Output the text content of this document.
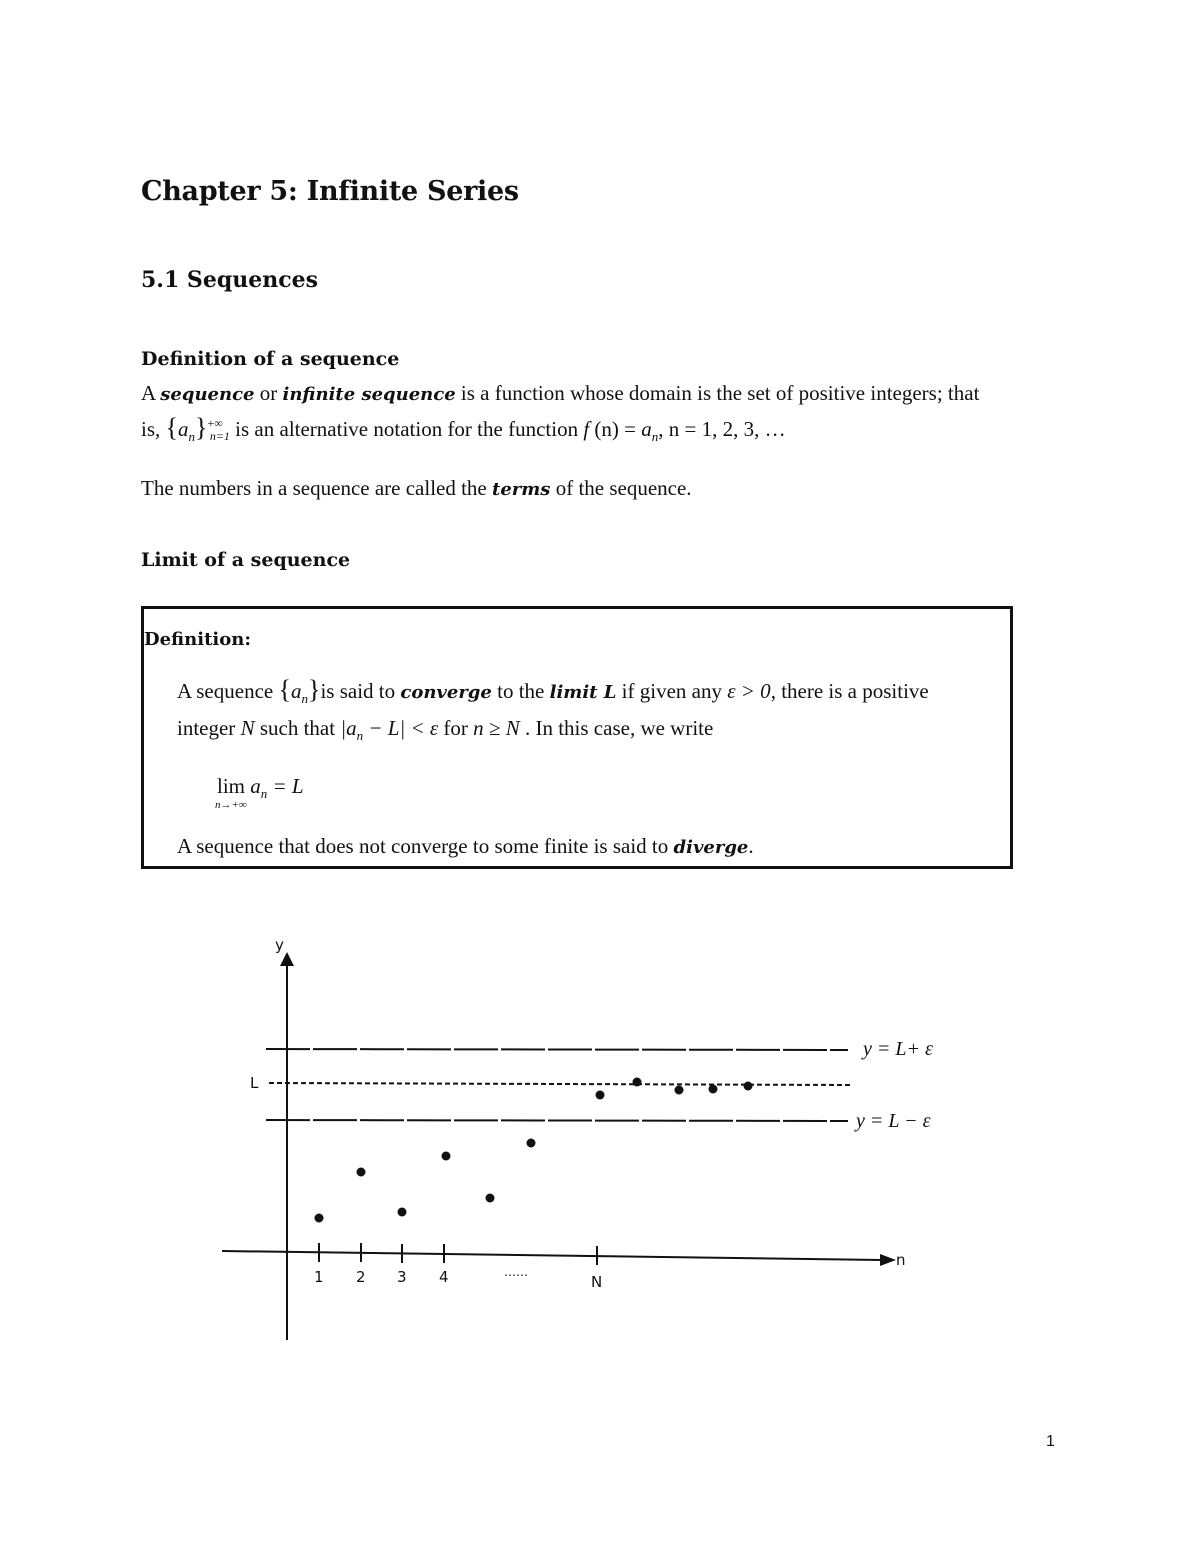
Chapter 5: Infinite Series
5.1 Sequences
Definition of a sequence
A sequence or infinite sequence is a function whose domain is the set of positive integers; that
is, $\{a_n\}^{+\infty}n=1$ is an alternative notation for the function f $(n) = a_n$, n = 1, 2, 3, …
The numbers in a sequence are called the terms of the sequence.
Limit of a sequence
Definition:
A sequence $\{a_n\}is$ said to converge to the limit L if given any ε > 0, there is a positive
integer N such that $|a_n - L| < \varepsilon$ for n ≥ N . In this case, we write
lim
n→+∞
$a_n = L$
A sequence that does not converge to some finite is said to diverge.
y
n
1 2 3 4	……
N
y = L+ ε
L
y = L − ε
1
